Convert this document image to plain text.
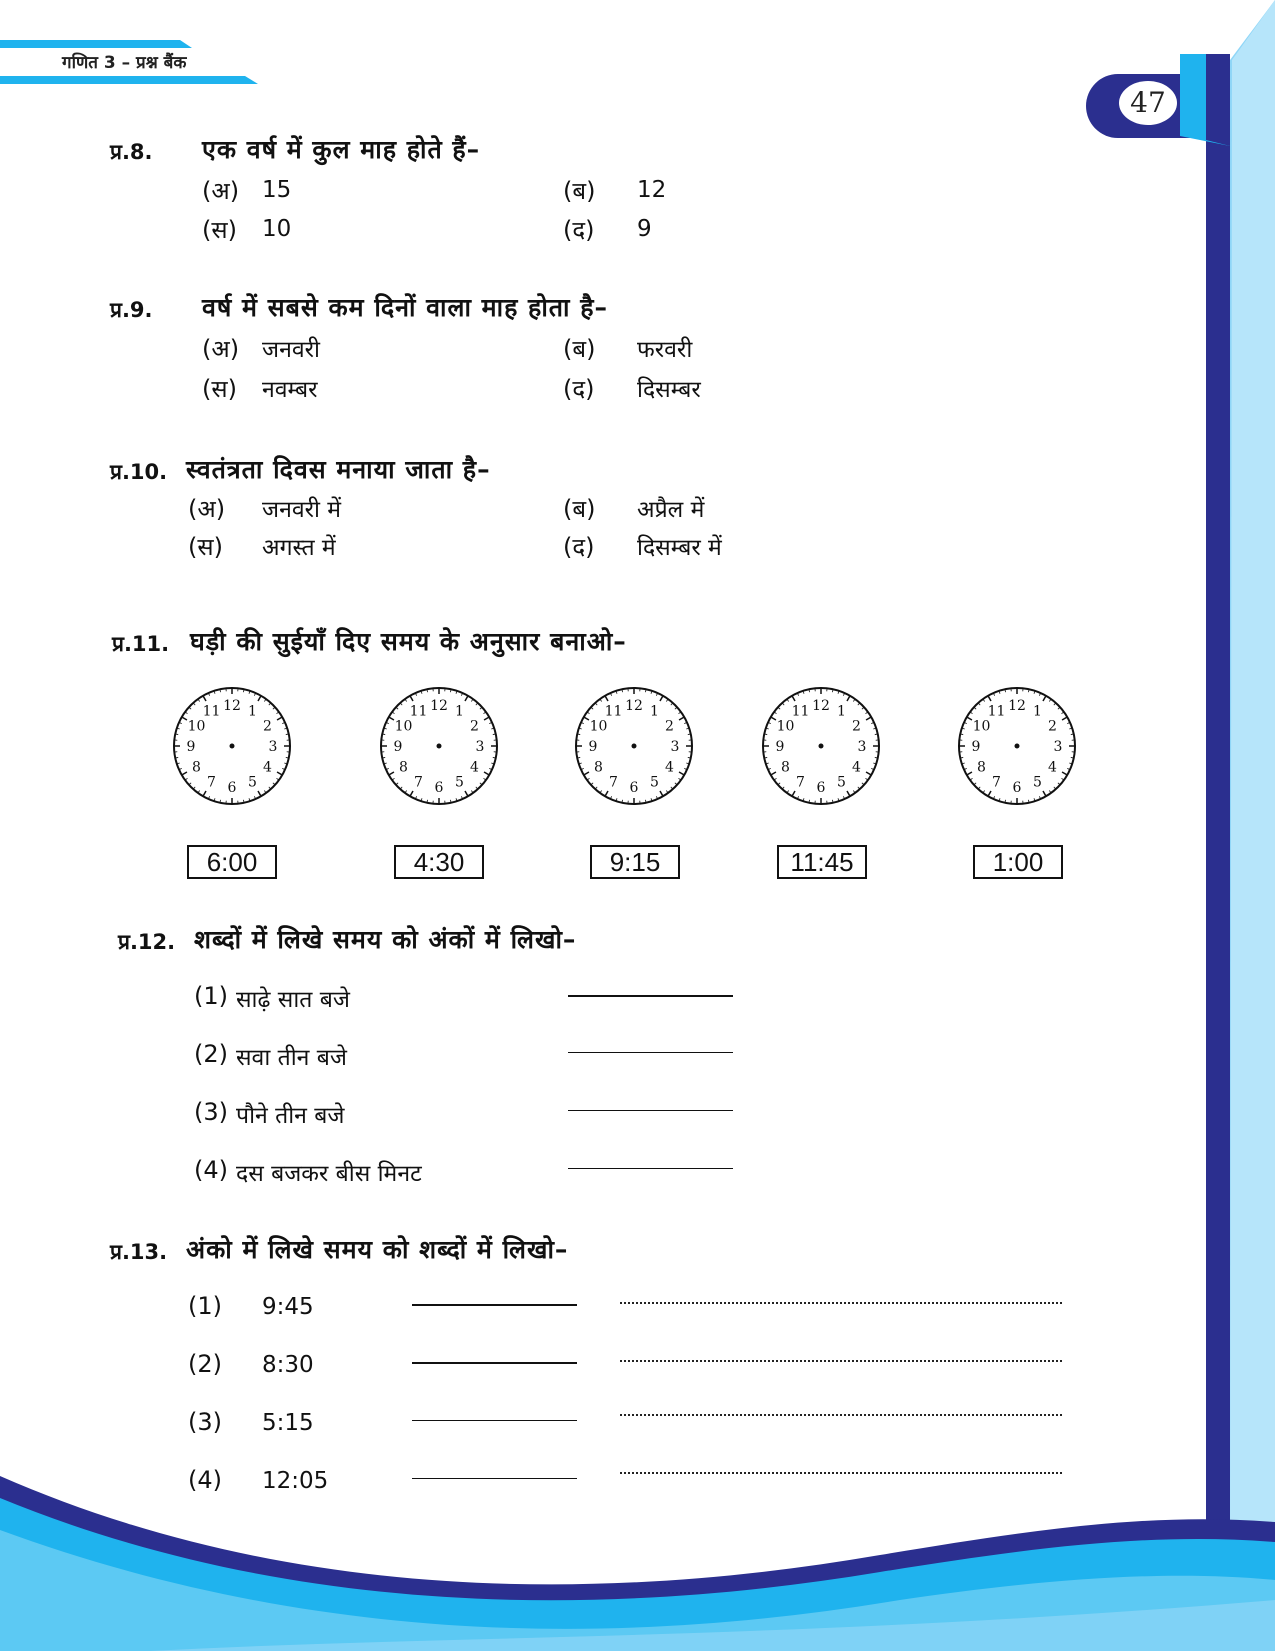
गणित 3 – प्रश्न बैंक
47
प्र.8. एक वर्ष में कुल माह होते हैं–
(अ) 15	(ब) 12
(स) 10	(द) 9
प्र.9. वर्ष में सबसे कम दिनों वाला माह होता है–
(अ) जनवरी	(ब) फरवरी
(स) नवम्बर	(द) दिसम्बर
प्र.10. स्वतंत्रता दिवस मनाया जाता है–
(अ) जनवरी में	(ब) अप्रैल में
(स) अगस्त में	(द) दिसम्बर में
प्र.11. घड़ी की सुईयाँ दिए समय के अनुसार बनाओ–
12 1
2
3
4
5
6
7
8
9
10
11	12 1
2
3
4
5
6
7
8
9
10
11	12 1
2
3
4
5
6
7
8
9
10
11	12 1
2
3
4
5
6
7
8
9
10
11	12 1
2
3
4
5
6
7
8
9
10
11
6:00	4:30	9:15	11:45	1:00
प्र.12. शब्दों में लिखे समय को अंकों में लिखो–
(1) साढ़े सात बजे
(2) सवा तीन बजे
(3) पौने तीन बजे
(4) दस बजकर बीस मिनट
प्र.13. अंको में लिखे समय को शब्दों में लिखो–
(1) 9:45
(2) 8:30
(3) 5:15
(4) 12:05
